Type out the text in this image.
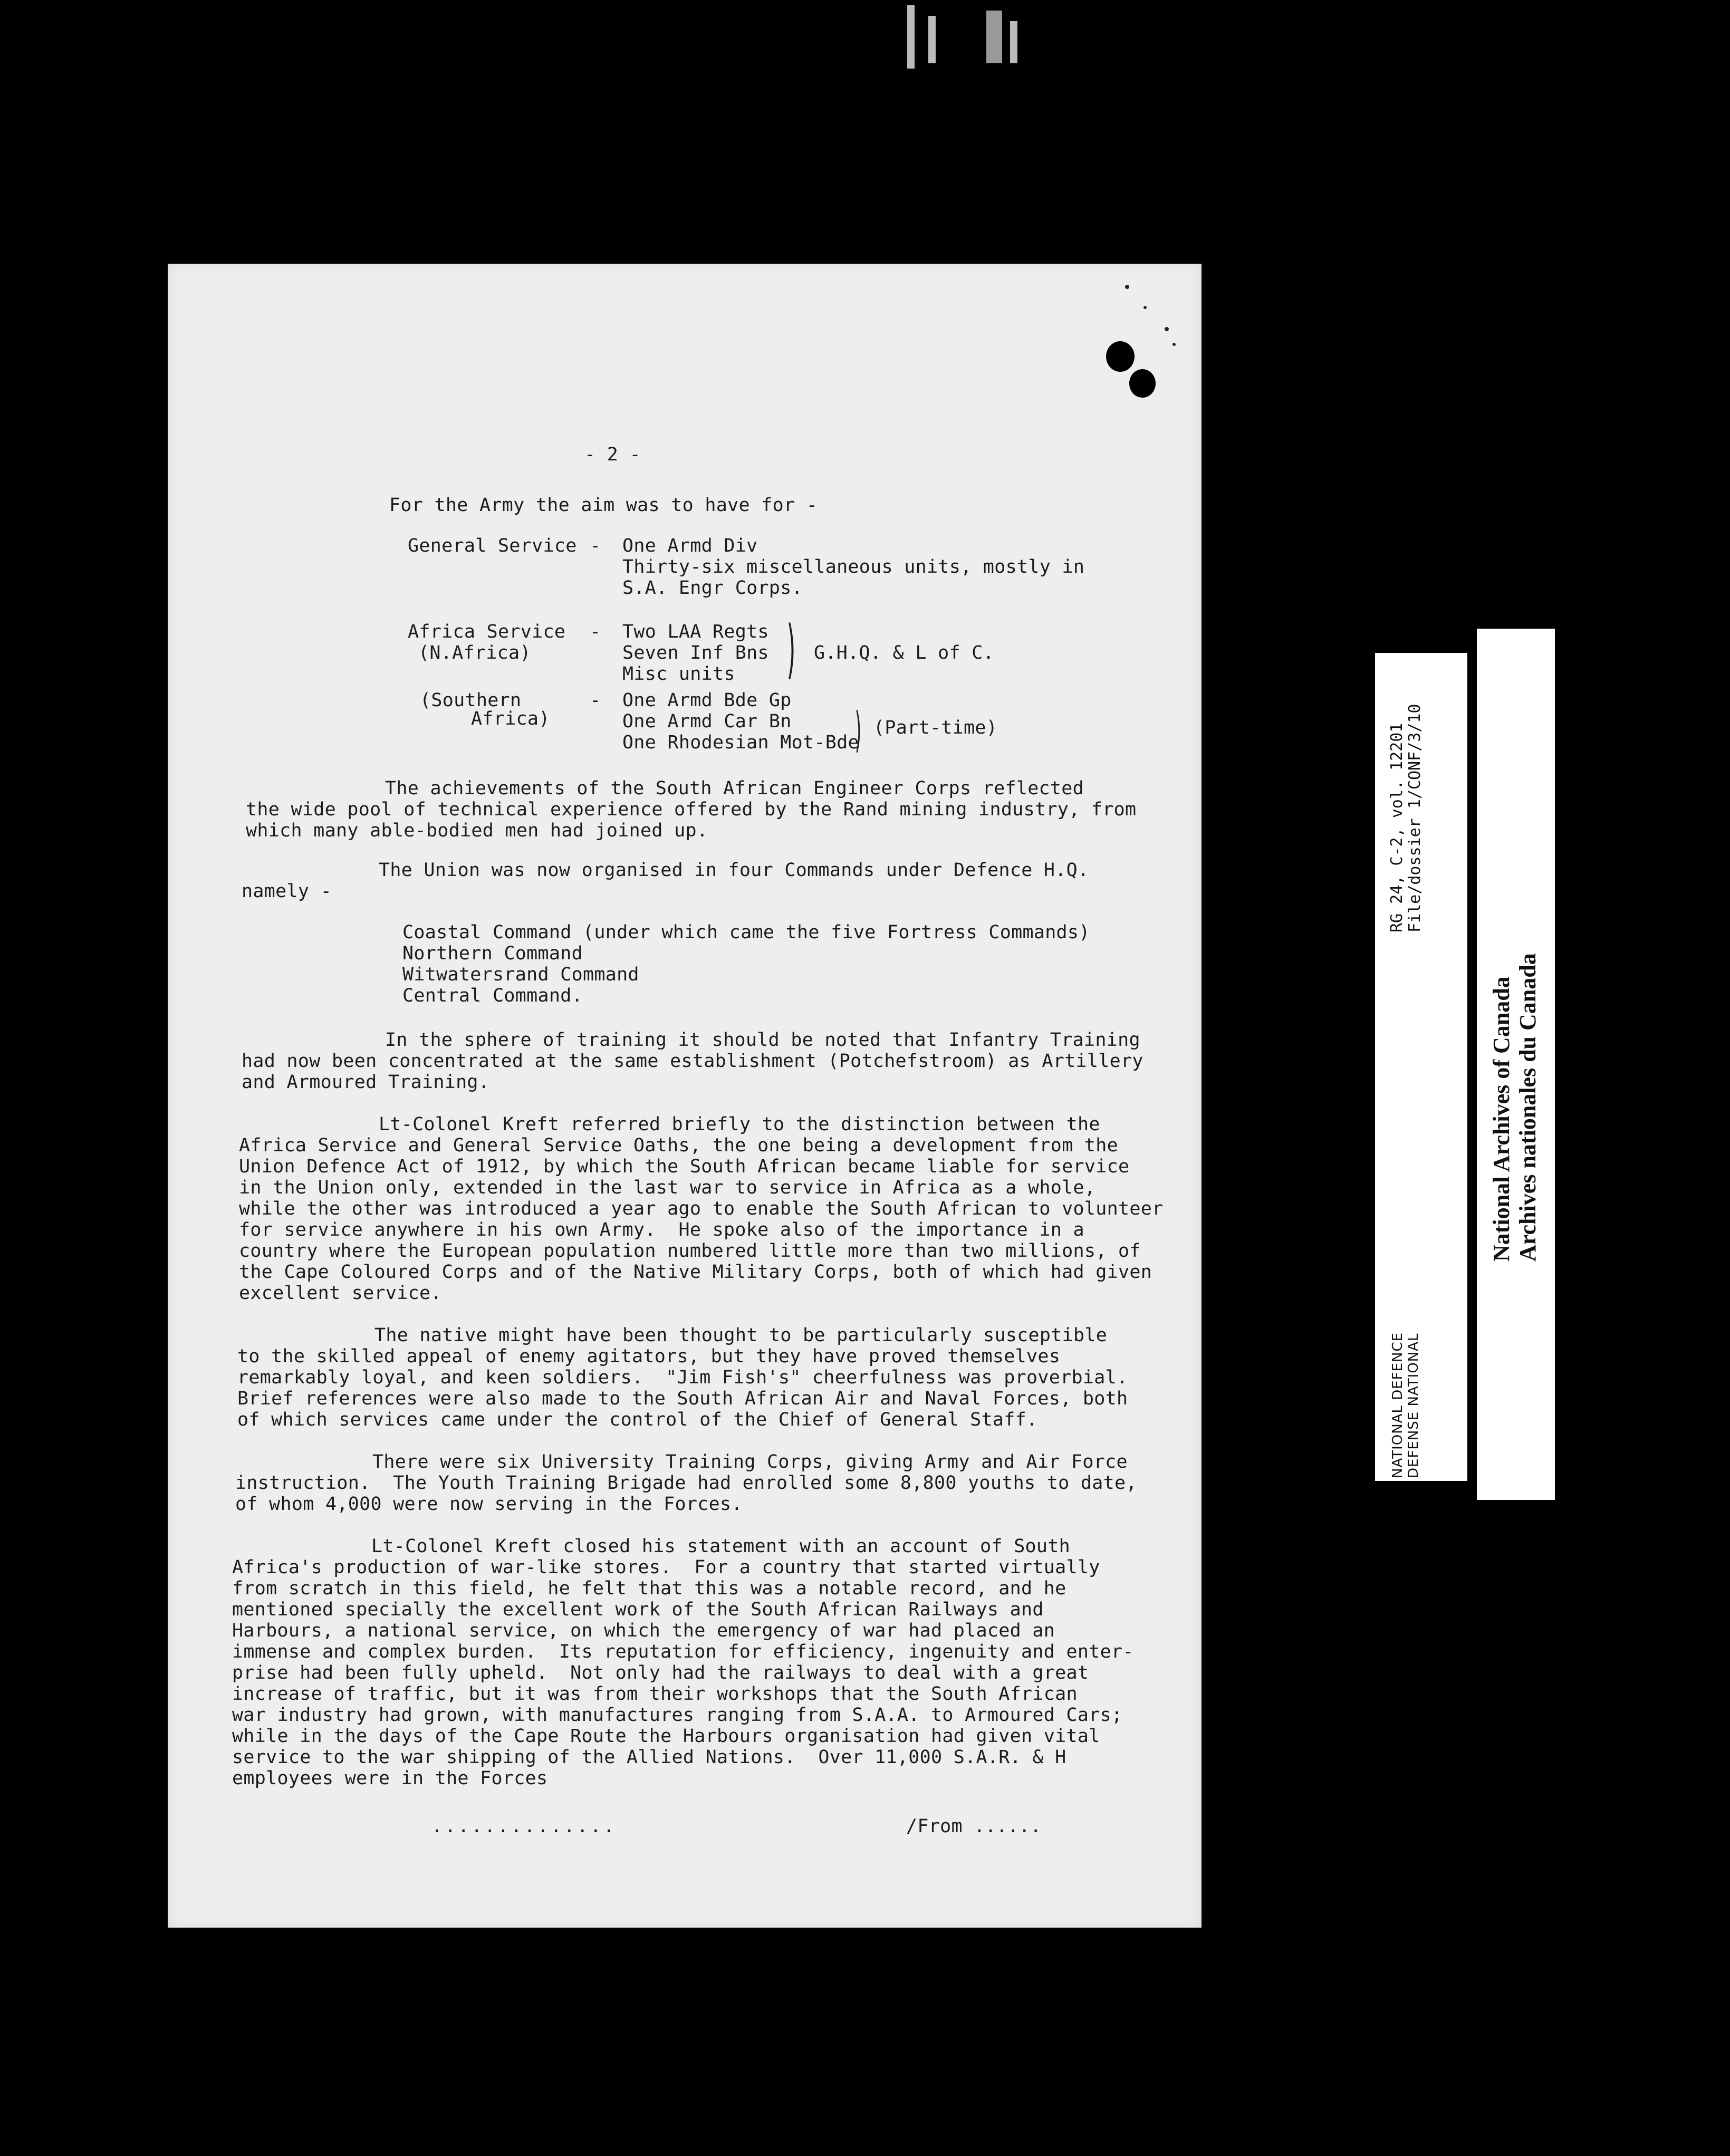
- 2 -
For the Army the aim was to have for -
General Service - One Armd Div
Thirty-six miscellaneous units, mostly in
S.A. Engr Corps.
Africa Service
(N.Africa)
- Two LAA Regts
Seven Inf Bns
Misc units ) G.H.Q. & L of C.
(Southern
Africa)
- One Armd Bde Gp
One Armd Car Bn
One Rhodesian Mot-Bde
) (Part-time)
The achievements of the South African Engineer Corps reflected
the wide pool of technical experience offered by the Rand mining industry, from
which many able-bodied men had joined up.
The Union was now organised in four Commands under Defence H.Q.
namely -
Coastal Command (under which came the five Fortress Commands)
Northern Command
Witwatersrand Command
Central Command.
In the sphere of training it should be noted that Infantry Training
had now been concentrated at the same establishment (Potchefstroom) as Artillery
and Armoured Training.
Lt-Colonel Kreft referred briefly to the distinction between the
Africa Service and General Service Oaths, the one being a development from the
Union Defence Act of 1912, by which the South African became liable for service
in the Union only, extended in the last war to service in Africa as a whole,
while the other was introduced a year ago to enable the South African to volunteer
for service anywhere in his own Army.  He spoke also of the importance in a
country where the European population numbered little more than two millions, of
the Cape Coloured Corps and of the Native Military Corps, both of which had given
excellent service.
The native might have been thought to be particularly susceptible
to the skilled appeal of enemy agitators, but they have proved themselves
remarkably loyal, and keen soldiers.  "Jim Fish's" cheerfulness was proverbial.
Brief references were also made to the South African Air and Naval Forces, both
of which services came under the control of the Chief of General Staff.
There were six University Training Corps, giving Army and Air Force
instruction.  The Youth Training Brigade had enrolled some 8,800 youths to date,
of whom 4,000 were now serving in the Forces.
Lt-Colonel Kreft closed his statement with an account of South
Africa's production of war-like stores.  For a country that started virtually
from scratch in this field, he felt that this was a notable record, and he
mentioned specially the excellent work of the South African Railways and
Harbours, a national service, on which the emergency of war had placed an
immense and complex burden.  Its reputation for efficiency, ingenuity and enter-
prise had been fully upheld.  Not only had the railways to deal with a great
increase of traffic, but it was from their workshops that the South African
war industry had grown, with manufactures ranging from S.A.A. to Armoured Cars;
while in the days of the Cape Route the Harbours organisation had given vital
service to the war shipping of the Allied Nations.  Over 11,000 S.A.R. & H
employees were in the Forces
..............	/From ......
RG 24, C-2, vol. 12201 File/dossier 1/CONF/3/10
NATIONAL DEFENCE DEFENSE NATIONAL
National Archives of Canada Archives nationales du Canada
